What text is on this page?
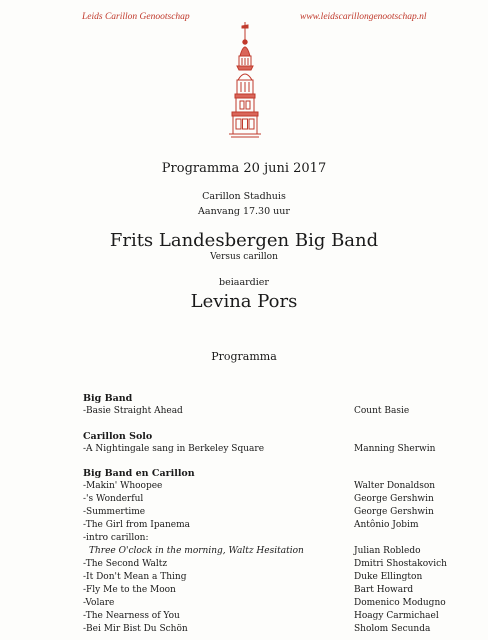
Leids Carillon Genootschap	www.leidscarillongenootschap.nl
Programma 20 juni 2017
Carillon Stadhuis
Aanvang 17.30 uur
Frits Landesbergen Big Band
Versus carillon
beiaardier
Levina Pors
Programma
Big Band
-Basie Straight Ahead	Count Basie
Carillon Solo
-A Nightingale sang in Berkeley Square	Manning Sherwin
Big Band en Carillon
-Makin' Whoopee	Walter Donaldson
-'s Wonderful	George Gershwin
-Summertime	George Gershwin
-The Girl from Ipanema	Antônio Jobim
-intro carillon:
Three O'clock in the morning, Waltz Hesitation	Julian Robledo
-The Second Waltz	Dmitri Shostakovich
-It Don't Mean a Thing	Duke Ellington
-Fly Me to the Moon	Bart Howard
-Volare	Domenico Modugno
-The Nearness of You	Hoagy Carmichael
-Bei Mir Bist Du Schön	Sholom Secunda
